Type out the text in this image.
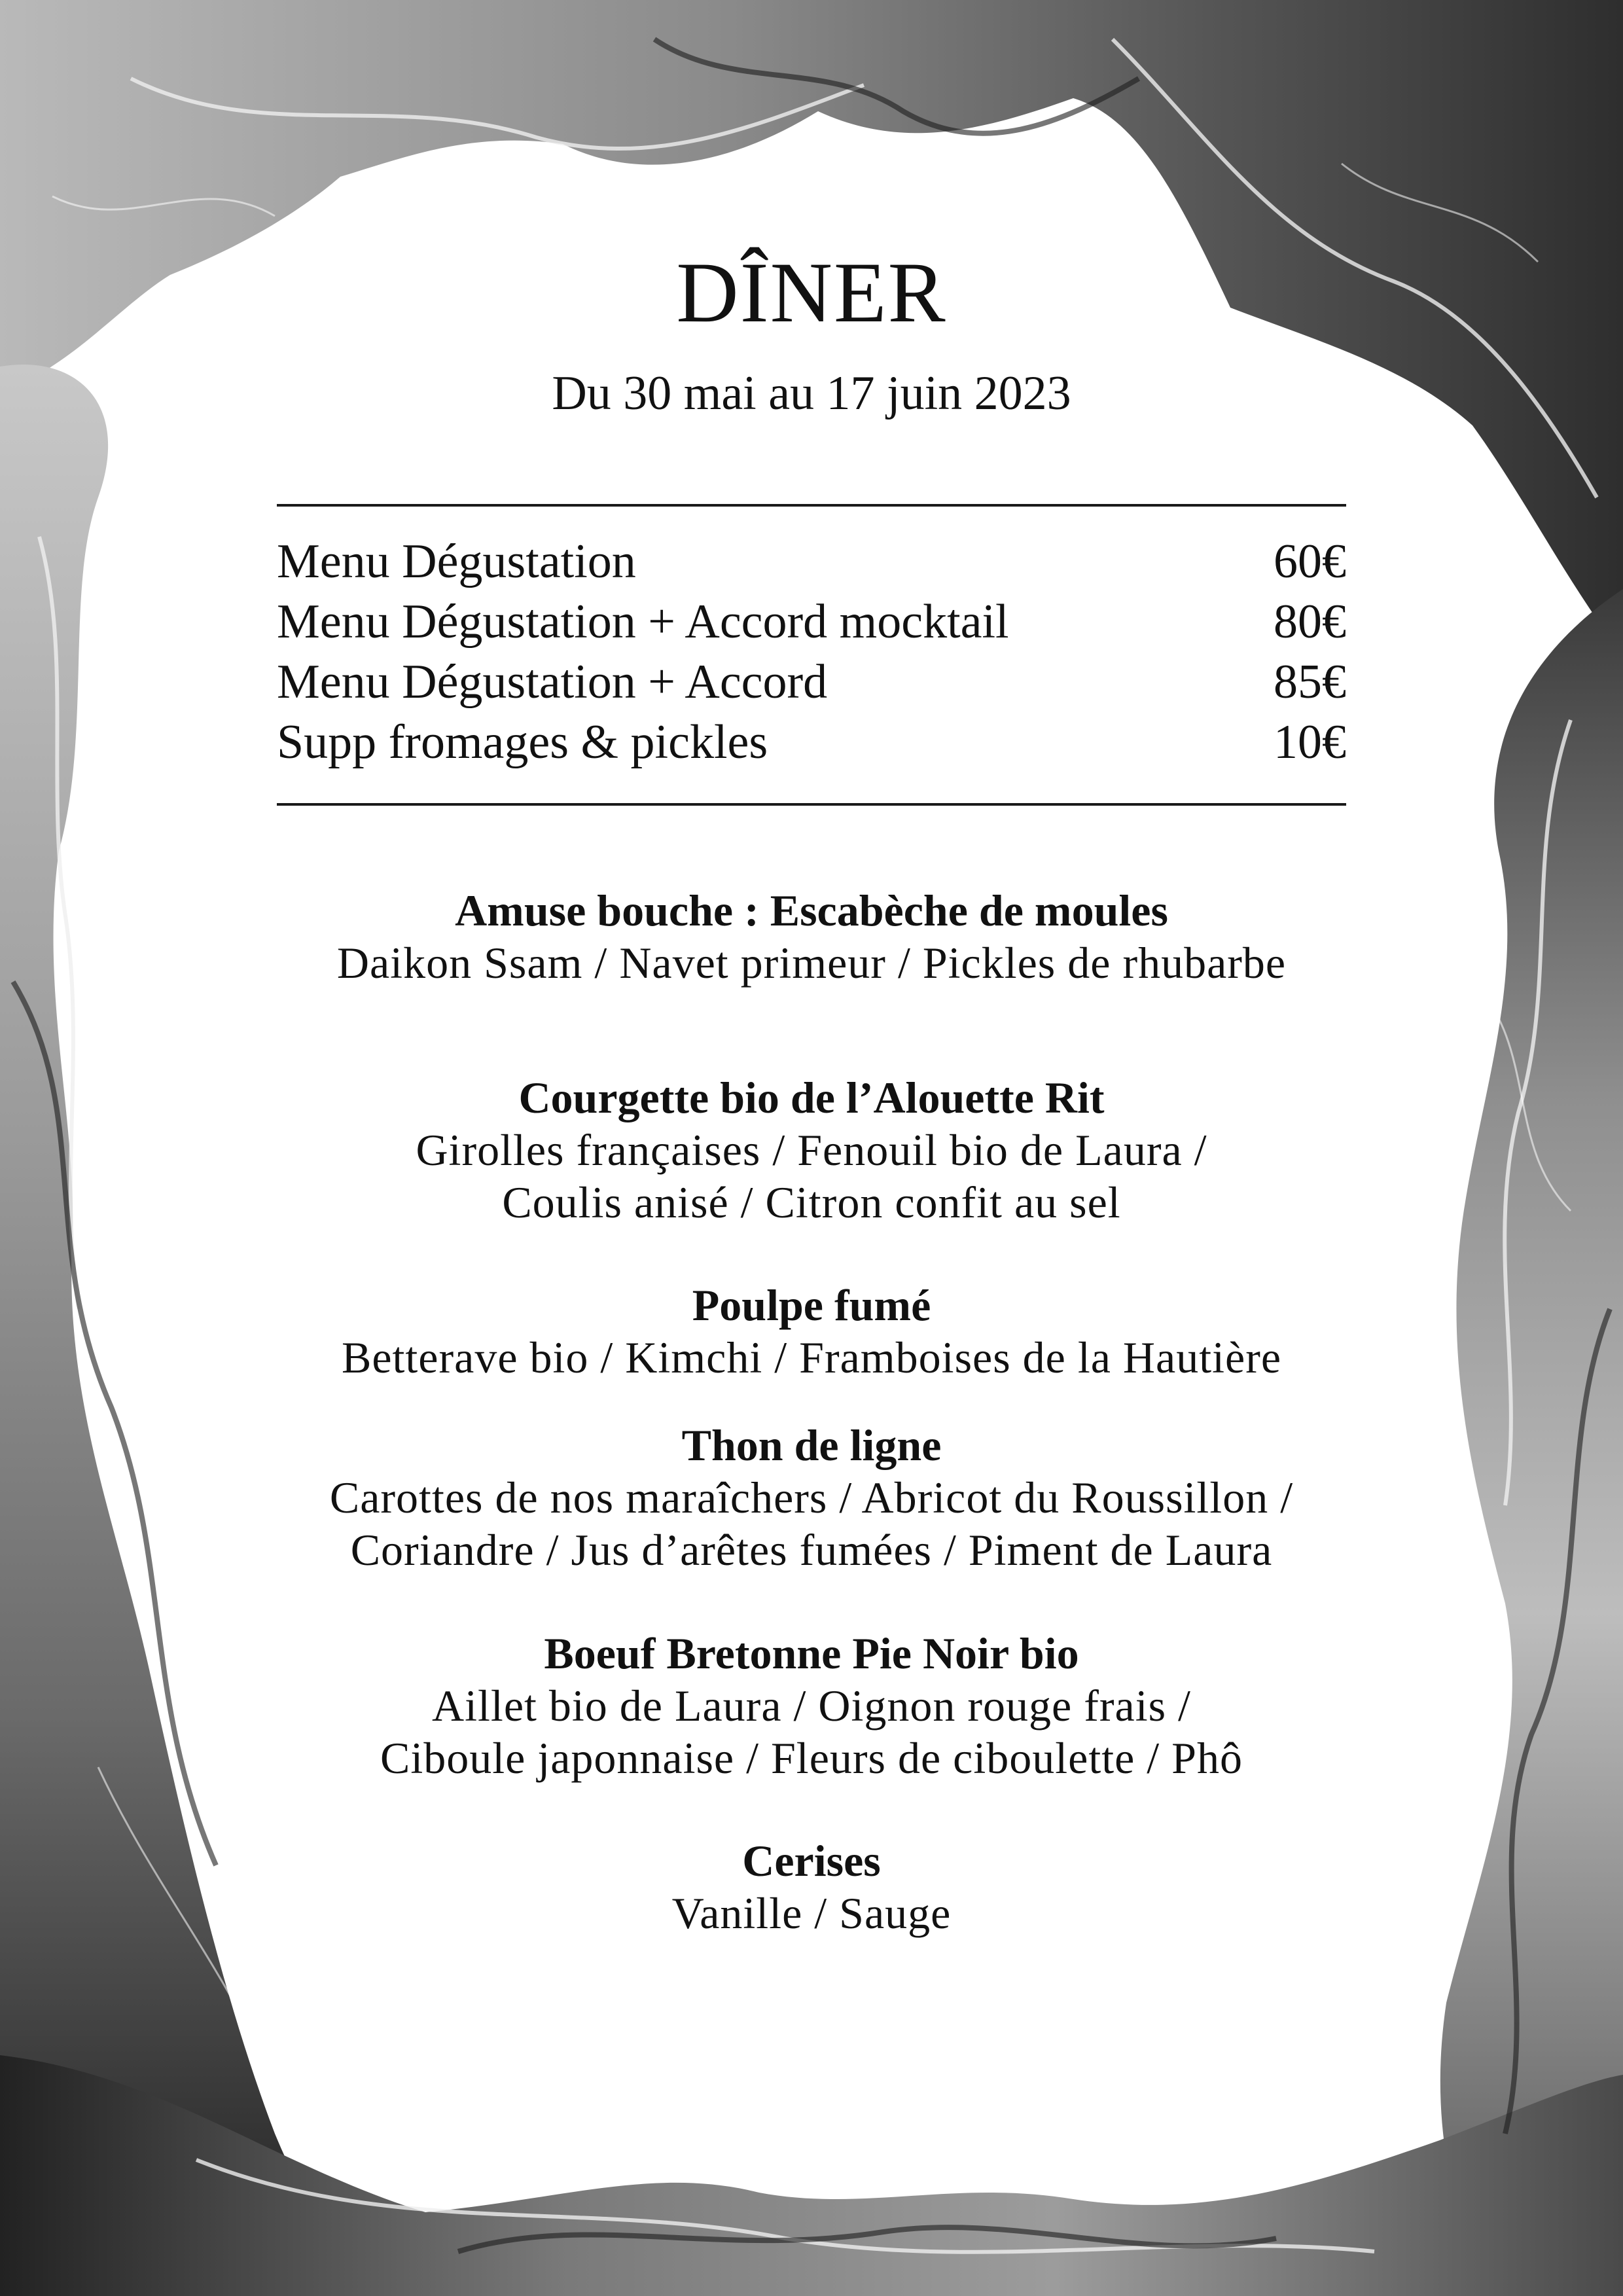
DÎNER
Du 30 mai au 17 juin 2023
Menu Dégustation	60€
Menu Dégustation + Accord mocktail	80€
Menu Dégustation + Accord	85€
Supp fromages & pickles	10€
Amuse bouche : Escabèche de moules
Daikon Ssam / Navet primeur / Pickles de rhubarbe
Courgette bio de l’Alouette Rit
Girolles françaises / Fenouil bio de Laura /
Coulis anisé / Citron confit au sel
Poulpe fumé
Betterave bio / Kimchi / Framboises de la Hautière
Thon de ligne
Carottes de nos maraîchers / Abricot du Roussillon /
Coriandre / Jus d’arêtes fumées / Piment de Laura
Boeuf Bretonne Pie Noir bio
Aillet bio de Laura / Oignon rouge frais /
Ciboule japonnaise / Fleurs de ciboulette / Phô
Cerises
Vanille / Sauge
